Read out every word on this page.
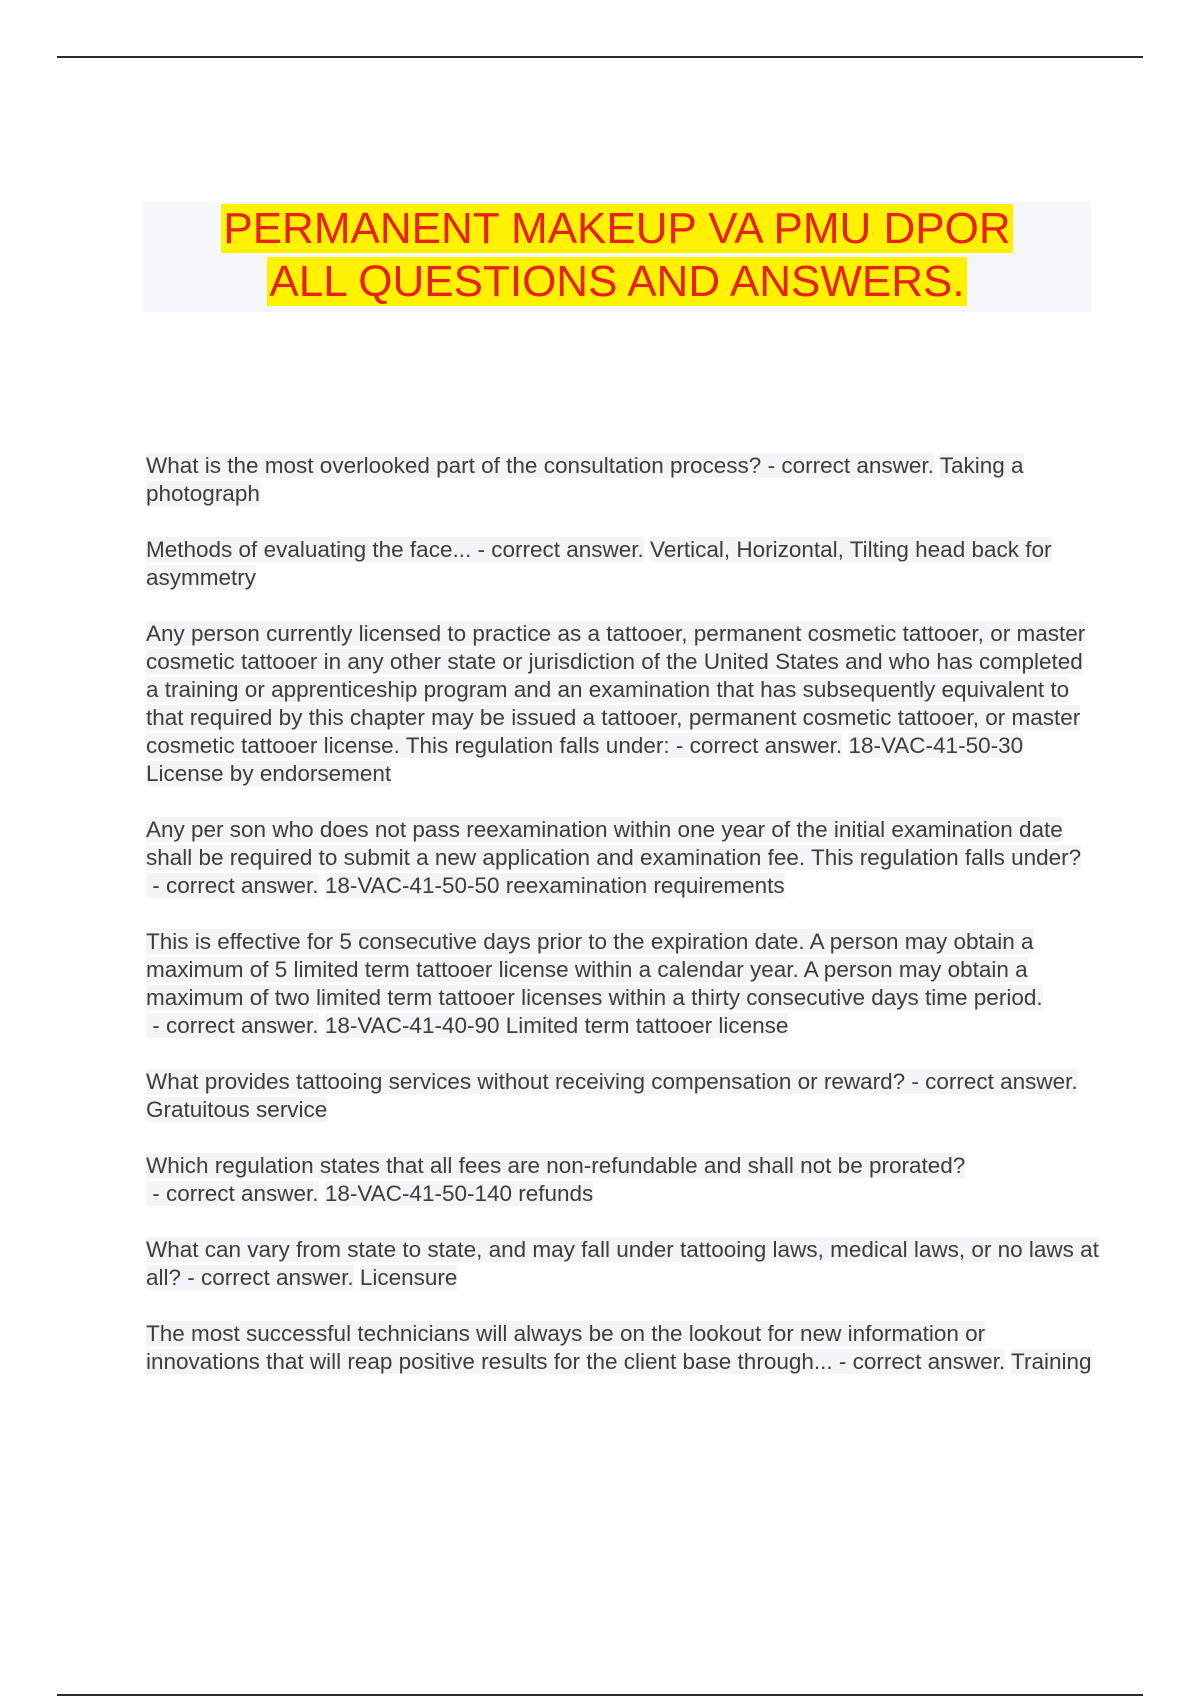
PERMANENT MAKEUP VA PMU DPOR
ALL QUESTIONS AND ANSWERS.

What is the most overlooked part of the consultation process? - correct answer. Taking a photograph

Methods of evaluating the face... - correct answer. Vertical, Horizontal, Tilting head back for asymmetry

Any person currently licensed to practice as a tattooer, permanent cosmetic tattooer, or master cosmetic tattooer in any other state or jurisdiction of the United States and who has completed a training or apprenticeship program and an examination that has subsequently equivalent to that required by this chapter may be issued a tattooer, permanent cosmetic tattooer, or master cosmetic tattooer license. This regulation falls under: - correct answer. 18-VAC-41-50-30 License by endorsement

Any per son who does not pass reexamination within one year of the initial examination date shall be required to submit a new application and examination fee. This regulation falls under? - correct answer. 18-VAC-41-50-50 reexamination requirements

This is effective for 5 consecutive days prior to the expiration date. A person may obtain a maximum of 5 limited term tattooer license within a calendar year. A person may obtain a maximum of two limited term tattooer licenses within a thirty consecutive days time period. - correct answer. 18-VAC-41-40-90 Limited term tattooer license

What provides tattooing services without receiving compensation or reward? - correct answer. Gratuitous service

Which regulation states that all fees are non-refundable and shall not be prorated? - correct answer. 18-VAC-41-50-140 refunds

What can vary from state to state, and may fall under tattooing laws, medical laws, or no laws at all? - correct answer. Licensure

The most successful technicians will always be on the lookout for new information or innovations that will reap positive results for the client base through... - correct answer. Training
